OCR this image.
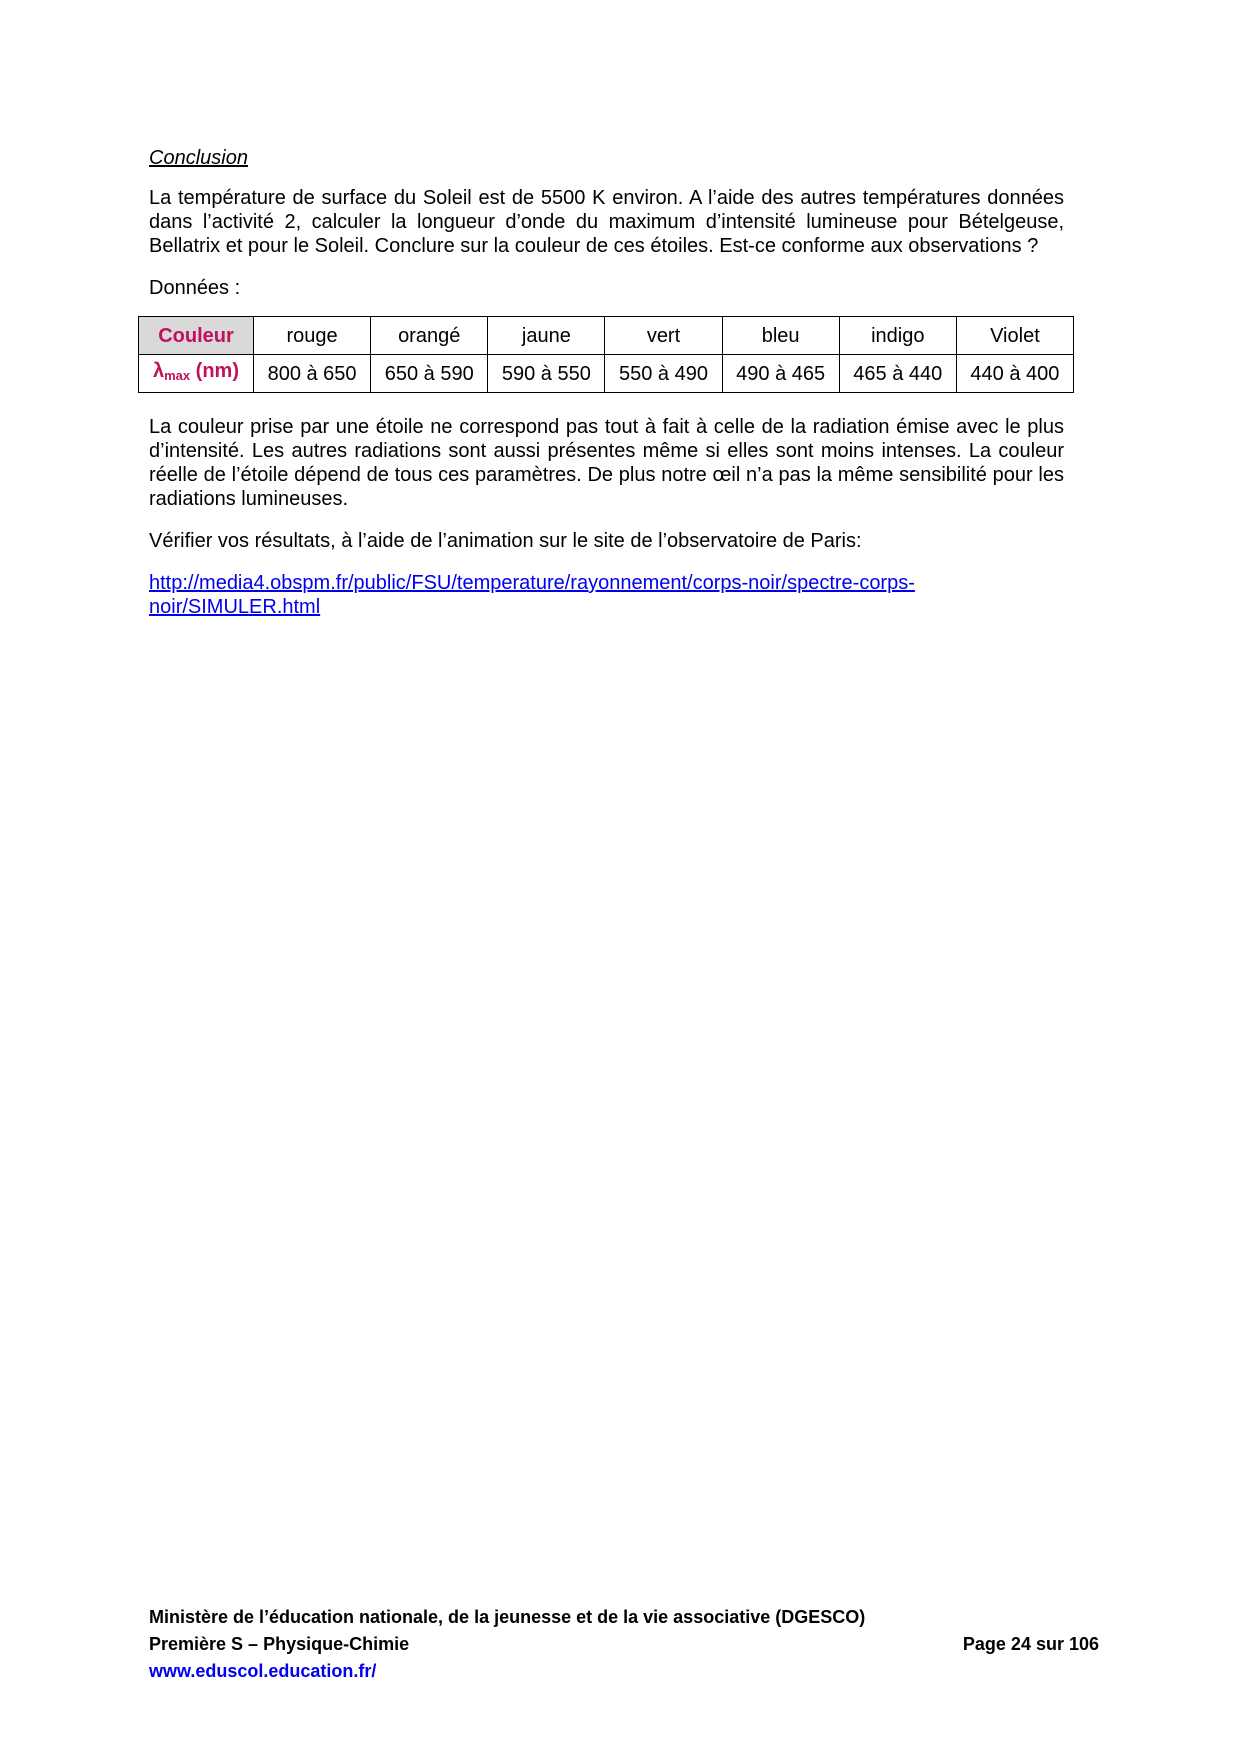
Conclusion

La température de surface du Soleil est de 5500 K environ. A l’aide des autres températures données dans l’activité 2, calculer la longueur d’onde du maximum d’intensité lumineuse pour Bételgeuse, Bellatrix et pour le Soleil. Conclure sur la couleur de ces étoiles. Est-ce conforme aux observations ?

Données :

Couleur	rouge	orangé	jaune	vert	bleu	indigo	Violet
$\lambda_{max}$ (nm)	800 à 650	650 à 590	590 à 550	550 à 490	490 à 465	465 à 440	440 à 400

La couleur prise par une étoile ne correspond pas tout à fait à celle de la radiation émise avec le plus d’intensité. Les autres radiations sont aussi présentes même si elles sont moins intenses. La couleur réelle de l’étoile dépend de tous ces paramètres. De plus notre œil n’a pas la même sensibilité pour les radiations lumineuses.

Vérifier vos résultats, à l’aide de l’animation sur le site de l’observatoire de Paris:

http://media4.obspm.fr/public/FSU/temperature/rayonnement/corps-noir/spectre-corps-
noir/SIMULER.html

Ministère de l’éducation nationale, de la jeunesse et de la vie associative (DGESCO)
Première S – Physique-Chimie	Page 24 sur 106
www.eduscol.education.fr/
